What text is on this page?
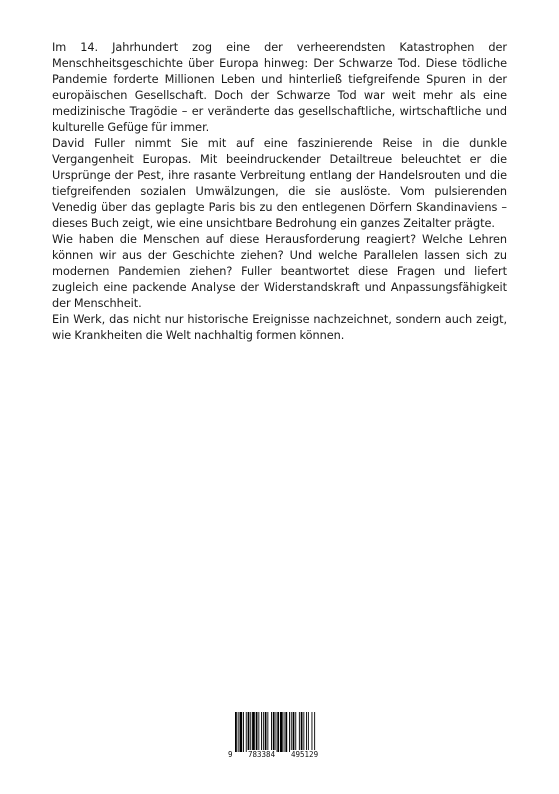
Im 14. Jahrhundert zog eine der verheerendsten Katastrophen der Menschheitsgeschichte über Europa hinweg: Der Schwarze Tod. Diese tödliche Pandemie forderte Millionen Leben und hinterließ tiefgreifende Spuren in der europäischen Gesellschaft. Doch der Schwarze Tod war weit mehr als eine medizinische Tragödie – er veränderte das gesellschaftliche, wirtschaftliche und kulturelle Gefüge für immer.

David Fuller nimmt Sie mit auf eine faszinierende Reise in die dunkle Vergangenheit Europas. Mit beeindruckender Detailtreue beleuchtet er die Ursprünge der Pest, ihre rasante Verbreitung entlang der Handelsrouten und die tiefgreifenden sozialen Umwälzungen, die sie auslöste. Vom pulsierenden Venedig über das geplagte Paris bis zu den entlegenen Dörfern Skandinaviens – dieses Buch zeigt, wie eine unsichtbare Bedrohung ein ganzes Zeitalter prägte.

Wie haben die Menschen auf diese Herausforderung reagiert? Welche Lehren können wir aus der Geschichte ziehen? Und welche Parallelen lassen sich zu modernen Pandemien ziehen? Fuller beantwortet diese Fragen und liefert zugleich eine packende Analyse der Widerstandskraft und Anpassungsfähigkeit der Menschheit.

Ein Werk, das nicht nur historische Ereignisse nachzeichnet, sondern auch zeigt, wie Krankheiten die Welt nachhaltig formen können.

9 783384 495129
